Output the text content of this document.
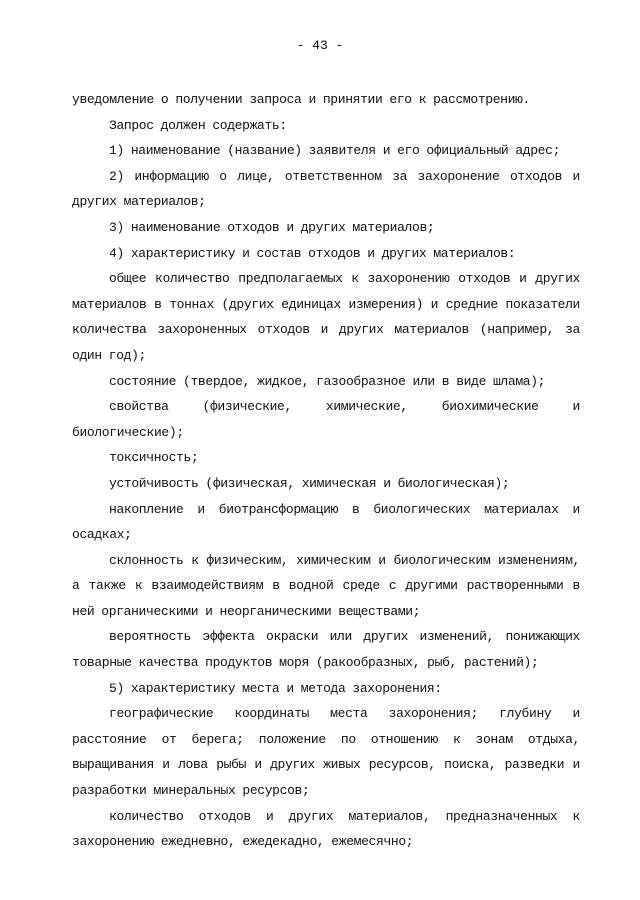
- 43 -

уведомление о получении запроса и принятии его к рассмотрению.

Запрос должен содержать:

1) наименование (название) заявителя и его официальный адрес;

2) информацию о лице, ответственном за захоронение отходов и других материалов;

3) наименование отходов и других материалов;

4) характеристику и состав отходов и других материалов:

общее количество предполагаемых к захоронению отходов и других материалов в тоннах (других единицах измерения) и средние показатели количества захороненных отходов и других материалов (например, за один год);

состояние (твердое, жидкое, газообразное или в виде шлама);

свойства (физические, химические, биохимические и биологические);

токсичность;

устойчивость (физическая, химическая и биологическая);

накопление и биотрансформацию в биологических материалах и осадках;

склонность к физическим, химическим и биологическим изменениям, а также к взаимодействиям в водной среде с другими растворенными в ней органическими и неорганическими веществами;

вероятность эффекта окраски или других изменений, понижающих товарные качества продуктов моря (ракообразных, рыб, растений);

5) характеристику места и метода захоронения:

географические координаты места захоронения; глубину и расстояние от берега; положение по отношению к зонам отдыха, выращивания и лова рыбы и других живых ресурсов, поиска, разведки и разработки минеральных ресурсов;

количество отходов и других материалов, предназначенных к захоронению ежедневно, ежедекадно, ежемесячно;
